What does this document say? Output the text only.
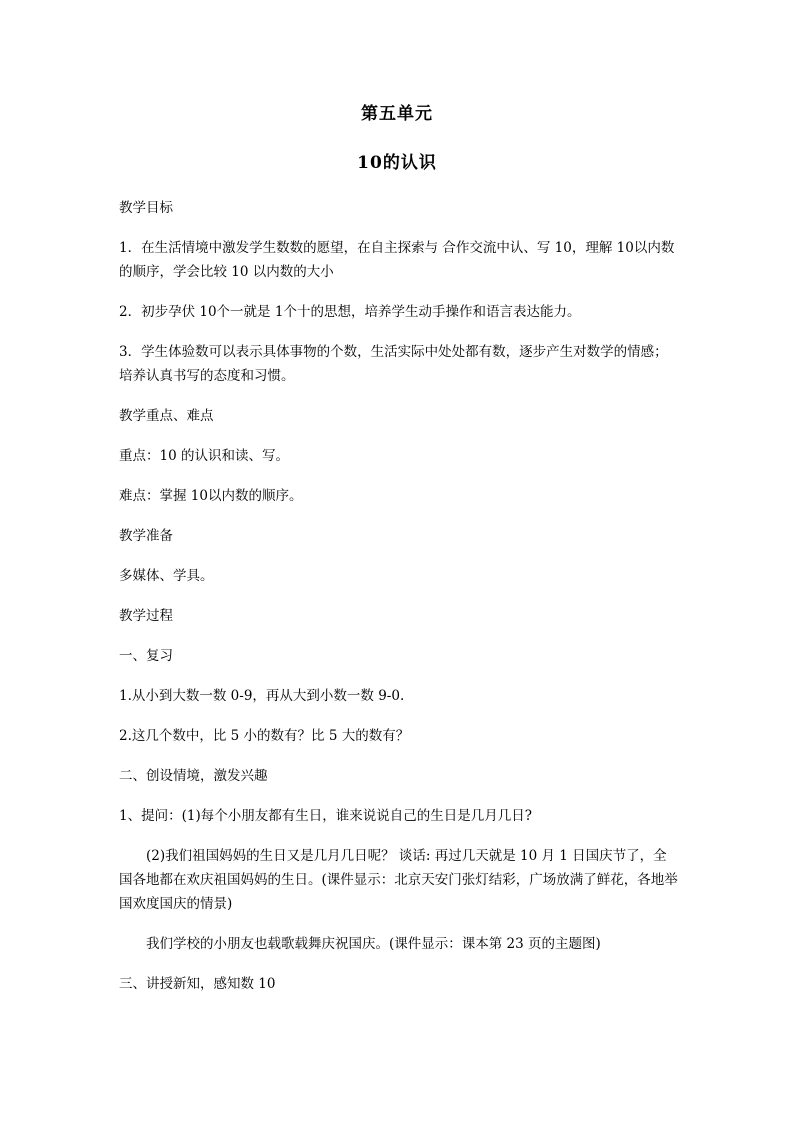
第五单元
10的认识

教学目标

1．在生活情境中激发学生数数的愿望，在自主探索与 合作交流中认、写 10，理解 10以内数的顺序，学会比较 10 以内数的大小

2．初步孕伏 10个一就是 1个十的思想，培养学生动手操作和语言表达能力。

3．学生体验数可以表示具体事物的个数，生活实际中处处都有数，逐步产生对数学的情感；培养认真书写的态度和习惯。

教学重点、难点

重点：10 的认识和读、写。

难点：掌握 10以内数的顺序。

教学准备

多媒体、学具。

教学过程

一、复习

1.从小到大数一数 0-9，再从大到小数一数 9-0.

2.这几个数中，比 5 小的数有？比 5 大的数有？

二、创设情境，激发兴趣

1、提问：(1)每个小朋友都有生日，谁来说说自己的生日是几月几日?

(2)我们祖国妈妈的生日又是几月几日呢？ 谈话: 再过几天就是 10 月 1 日国庆节了，全国各地都在欢庆祖国妈妈的生日。(课件显示：北京天安门张灯结彩，广场放满了鲜花，各地举国欢度国庆的情景)

我们学校的小朋友也载歌载舞庆祝国庆。(课件显示：课本第 23 页的主题图)

三、讲授新知，感知数 10
